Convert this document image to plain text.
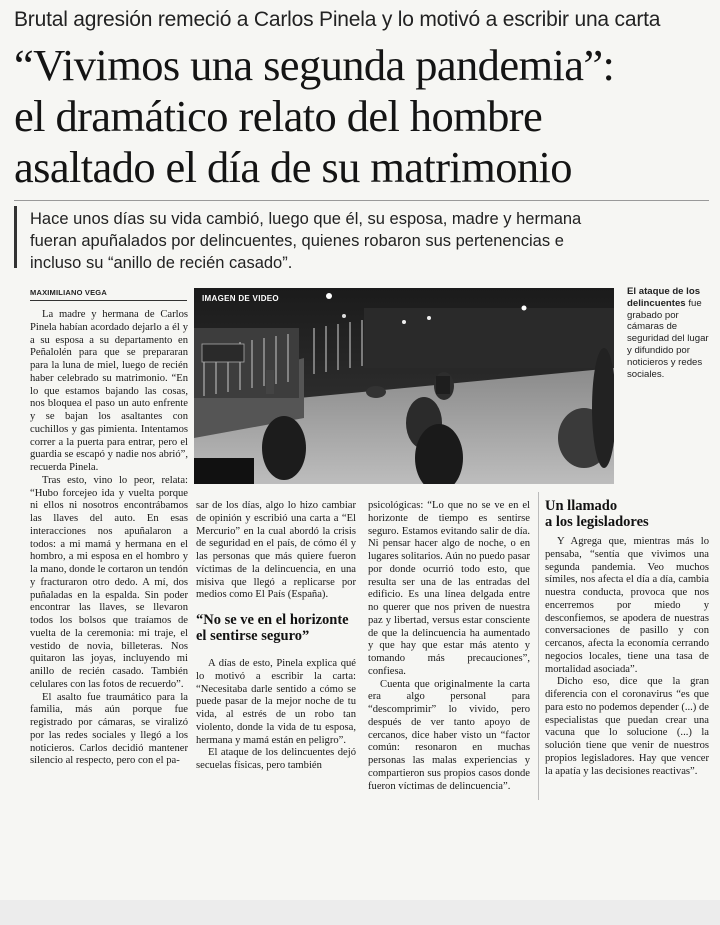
Brutal agresión remeció a Carlos Pinela y lo motivó a escribir una carta
“Vivimos una segunda pandemia”:
el dramático relato del hombre
asaltado el día de su matrimonio
Hace unos días su vida cambió, luego que él, su esposa, madre y hermana
fueran apuñalados por delincuentes, quienes robaron sus pertenencias e
incluso su “anillo de recién casado”.
MAXIMILIANO VEGA

La madre y hermana de Carlos Pinela habían acordado dejarlo a él y a su esposa a su departamento en Peñalolén para que se prepararan para la luna de miel, luego de recién haber celebrado su matrimonio. “En lo que estamos bajando las cosas, nos bloquea el paso un auto enfrente y se bajan los asaltantes con cuchillos y gas pimienta. Intentamos correr a la puerta para entrar, pero el guardia se escapó y nadie nos abrió”, recuerda Pinela.

Tras esto, vino lo peor, relata: “Hubo forcejeo ida y vuelta porque ni ellos ni nosotros encontrábamos las llaves del auto. En esas interacciones nos apuñalaron a todos: a mi mamá y hermana en el hombro, a mi esposa en el hombro y la mano, donde le cortaron un tendón y fracturaron otro dedo. A mí, dos puñaladas en la espalda. Sin poder encontrar las llaves, se llevaron todos los bolsos que traíamos de vuelta de la ceremonia: mi traje, el vestido de novia, billeteras. Nos quitaron las joyas, incluyendo mi anillo de recién casado. También celulares con las fotos de recuerdo”.

El asalto fue traumático para la familia, más aún porque fue registrado por cámaras, se viralizó por las redes sociales y llegó a los noticieros. Carlos decidió mantener silencio al respecto, pero con el pa-

IMAGEN DE VIDEO
El ataque de los delincuentes fue grabado por cámaras de seguridad del lugar y difundido por noticieros y redes sociales.

sar de los días, algo lo hizo cambiar de opinión y escribió una carta a “El Mercurio” en la cual abordó la crisis de seguridad en el país, de cómo él y las personas que más quiere fueron víctimas de la delincuencia, en una misiva que llegó a replicarse por medios como El País (España).

“No se ve en el horizonte
el sentirse seguro”

A días de esto, Pinela explica qué lo motivó a escribir la carta: “Necesitaba darle sentido a cómo se puede pasar de la mejor noche de tu vida, al estrés de un robo tan violento, donde la vida de tu esposa, hermana y mamá están en peligro”.

El ataque de los delincuentes dejó secuelas físicas, pero también

psicológicas: “Lo que no se ve en el horizonte de tiempo es sentirse seguro. Estamos evitando salir de día. Ni pensar hacer algo de noche, o en lugares solitarios. Aún no puedo pasar por donde ocurrió todo esto, que resulta ser una de las entradas del edificio. Es una línea delgada entre no querer que nos priven de nuestra paz y libertad, versus estar consciente de que la delincuencia ha aumentado y que hay que estar más atento y tomando más precauciones”, confiesa.

Cuenta que originalmente la carta era algo personal para “descomprimir” lo vivido, pero después de ver tanto apoyo de cercanos, dice haber visto un “factor común: resonaron en muchas personas las malas experiencias y compartieron sus propios casos donde fueron víctimas de delincuencia”.

Un llamado
a los legisladores

Y Agrega que, mientras más lo pensaba, “sentía que vivimos una segunda pandemia. Veo muchos símiles, nos afecta el día a día, cambia nuestra conducta, provoca que nos encerremos por miedo y desconfiemos, se apodera de nuestras conversaciones de pasillo y con cercanos, afecta la economía cerrando negocios locales, tiene una tasa de mortalidad asociada”.

Dicho eso, dice que la gran diferencia con el coronavirus “es que para esto no podemos depender (...) de especialistas que puedan crear una vacuna que lo solucione (...) la solución tiene que venir de nuestros propios legisladores. Hay que vencer la apatía y las decisiones reactivas”.
